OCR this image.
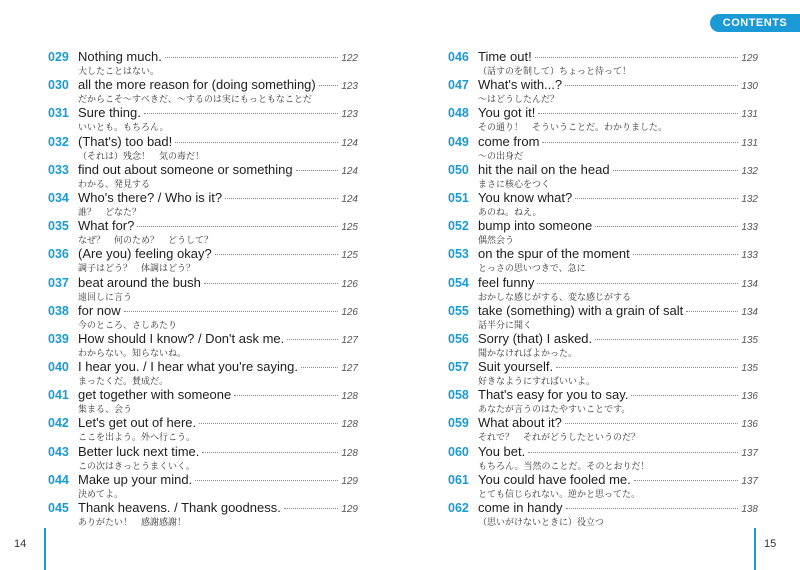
CONTENTS
029 Nothing much.	122
大したことはない。
030 all the more reason for (doing something)	123
だからこそ～すべきだ、～するのは実にもっともなことだ
031 Sure thing.	123
いいとも。もちろん。
032 (That's) too bad!	124
（それは）残念！　気の毒だ！
033 find out about someone or something	124
わかる、発見する
034 Who's there? / Who is it?	124
誰？　どなた？
035 What for?	125
なぜ？　何のため？　どうして？
036 (Are you) feeling okay?	125
調子はどう？　体調はどう？
037 beat around the bush	126
遠回しに言う
038 for now	126
今のところ、さしあたり
039 How should I know? / Don't ask me.	127
わからない。知らないね。
040 I hear you. / I hear what you're saying.	127
まったくだ。賛成だ。
041 get together with someone	128
集まる、会う
042 Let's get out of here.	128
ここを出よう。外へ行こう。
043 Better luck next time.	128
この次はきっとうまくいく。
044 Make up your mind.	129
決めてよ。
045 Thank heavens. / Thank goodness.	129
ありがたい！　感謝感謝！
046 Time out!	129
（話すのを制して）ちょっと待って！
047 What's with...?	130
～はどうしたんだ？
048 You got it!	131
その通り！　そういうことだ。わかりました。
049 come from	131
～の出身だ
050 hit the nail on the head	132
まさに核心をつく
051 You know what?	132
あのね。ねえ。
052 bump into someone	133
偶然会う
053 on the spur of the moment	133
とっさの思いつきで、急に
054 feel funny	134
おかしな感じがする、変な感じがする
055 take (something) with a grain of salt	134
話半分に聞く
056 Sorry (that) I asked.	135
聞かなければよかった。
057 Suit yourself.	135
好きなようにすればいいよ。
058 That's easy for you to say.	136
あなたが言うのはたやすいことです。
059 What about it?	136
それで？　それがどうしたというのだ？
060 You bet.	137
もちろん。当然のことだ。そのとおりだ！
061 You could have fooled me.	137
とても信じられない。逆かと思ってた。
062 come in handy	138
（思いがけないときに）役立つ
14	15
